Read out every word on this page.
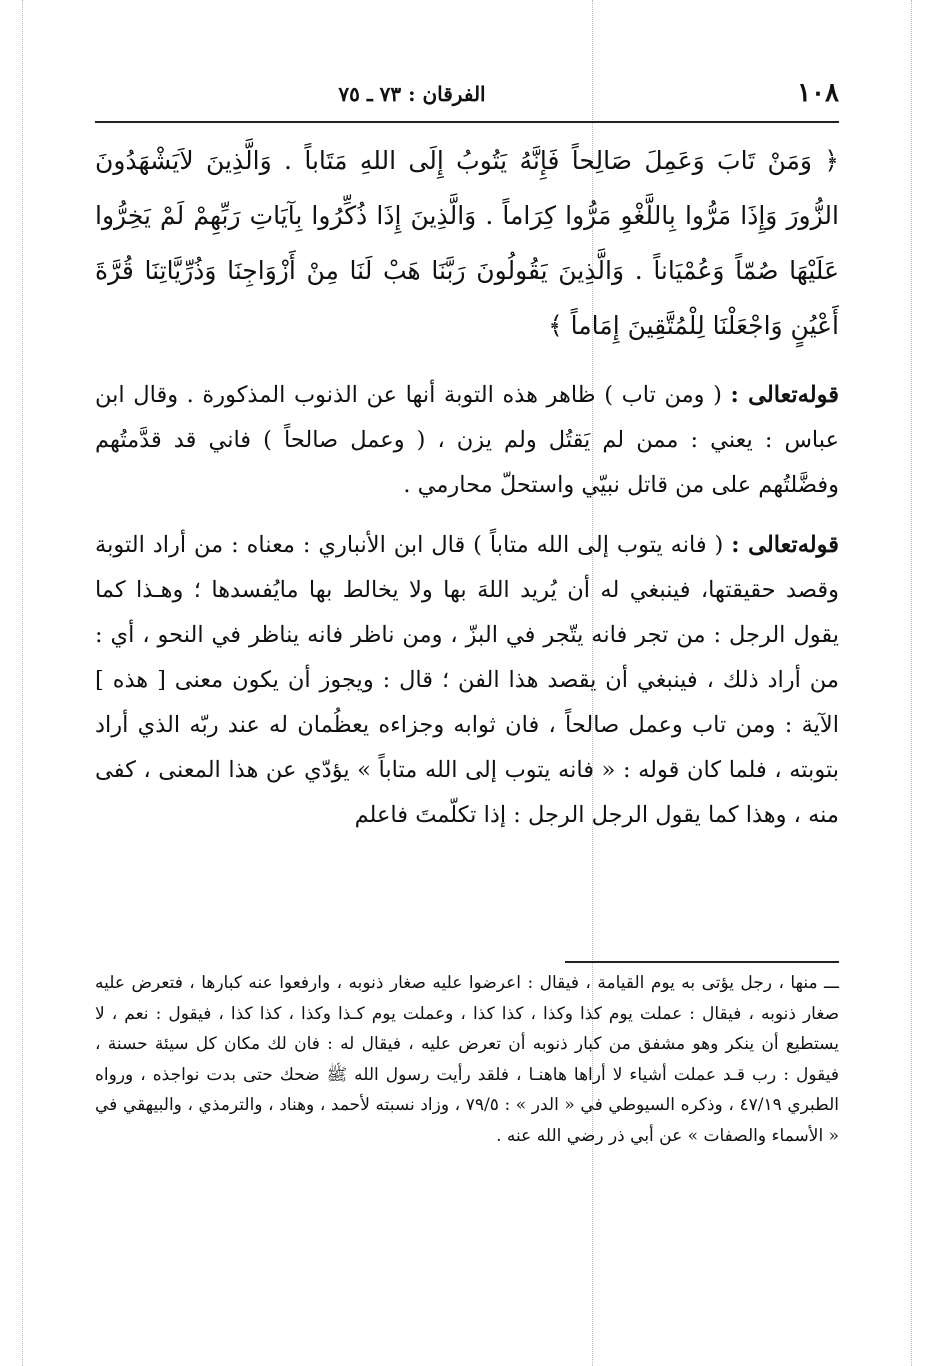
١٠٨
الفرقان : ٧٣ ـ ٧٥

﴿ وَمَنْ تَابَ وَعَمِلَ صَالِحاً فَإِنَّهُ يَتُوبُ إِلَى اللهِ مَتَاباً . وَالَّذِينَ لاَيَشْهَدُونَ الزُّورَ وَإِذَا مَرُّوا بِاللَّغْوِ مَرُّوا كِرَاماً . وَالَّذِينَ إِذَا ذُكِّرُوا بِآيَاتِ رَبِّهِمْ لَمْ يَخِرُّوا عَلَيْهَا صُمّاً وَعُمْيَاناً . وَالَّذِينَ يَقُولُونَ رَبَّنَا هَبْ لَنَا مِنْ أَزْوَاجِنَا وَذُرِّيَّاتِنَا قُرَّةَ أَعْيُنٍ وَاجْعَلْنَا لِلْمُتَّقِينَ إِمَاماً ﴾

قوله‌تعالى : ( ومن تاب ) ظاهر هذه التوبة أنها عن الذنوب المذكورة . وقال ابن عباس : يعني : ممن لم يَقتُل ولم يزن ، ( وعمل صالحاً ) فاني قد قدَّمتُهم وفضَّلتُهم على من قاتل نبيّي واستحلّ محارمي .

قوله‌تعالى : ( فانه يتوب إلى الله متاباً ) قال ابن الأنباري : معناه : من أراد التوبة وقصد حقيقتها، فينبغي له أن يُريد اللهَ بها ولا يخالط بها مايُفسدها ؛ وهـذا كما يقول الرجل : من تجر فانه يتّجر في البزّ ، ومن ناظر فانه يناظر في النحو ، أي : من أراد ذلك ، فينبغي أن يقصد هذا الفن ؛ قال : ويجوز أن يكون معنى [ هذه ] الآية : ومن تاب وعمل صالحاً ، فان ثوابه وجزاءه يعظُمان له عند ربّه الذي أراد بتوبته ، فلما كان قوله : « فانه يتوب إلى الله متاباً » يؤدّي عن هذا المعنى ، كفى منه ، وهذا كما يقول الرجل الرجل : إذا تكلّمتَ فاعلم

ـــ منها ، رجل يؤتى به يوم القيامة ، فيقال : اعرضوا عليه صغار ذنوبه ، وارفعوا عنه كبارها ، فتعرض عليه صغار ذنوبه ، فيقال : عملت يوم كذا وكذا ، كذا كذا ، وعملت يوم كـذا وكذا ، كذا كذا ، فيقول : نعم ، لا يستطيع أن ينكر وهو مشفق من كبار ذنوبه أن تعرض عليه ، فيقال له : فان لك مكان كل سيئة حسنة ، فيقول : رب قـد عملت أشياء لا أراها هاهنـا ، فلقد رأيت رسول الله ﷺ ضحك حتى بدت نواجذه ، ورواه الطبري ٤٧/١٩ ، وذكره السيوطي في « الدر » : ٧٩/٥ ، وزاد نسبته لأحمد ، وهناد ، والترمذي ، والبيهقي في « الأسماء والصفات » عن أبي ذر رضي الله عنه .
